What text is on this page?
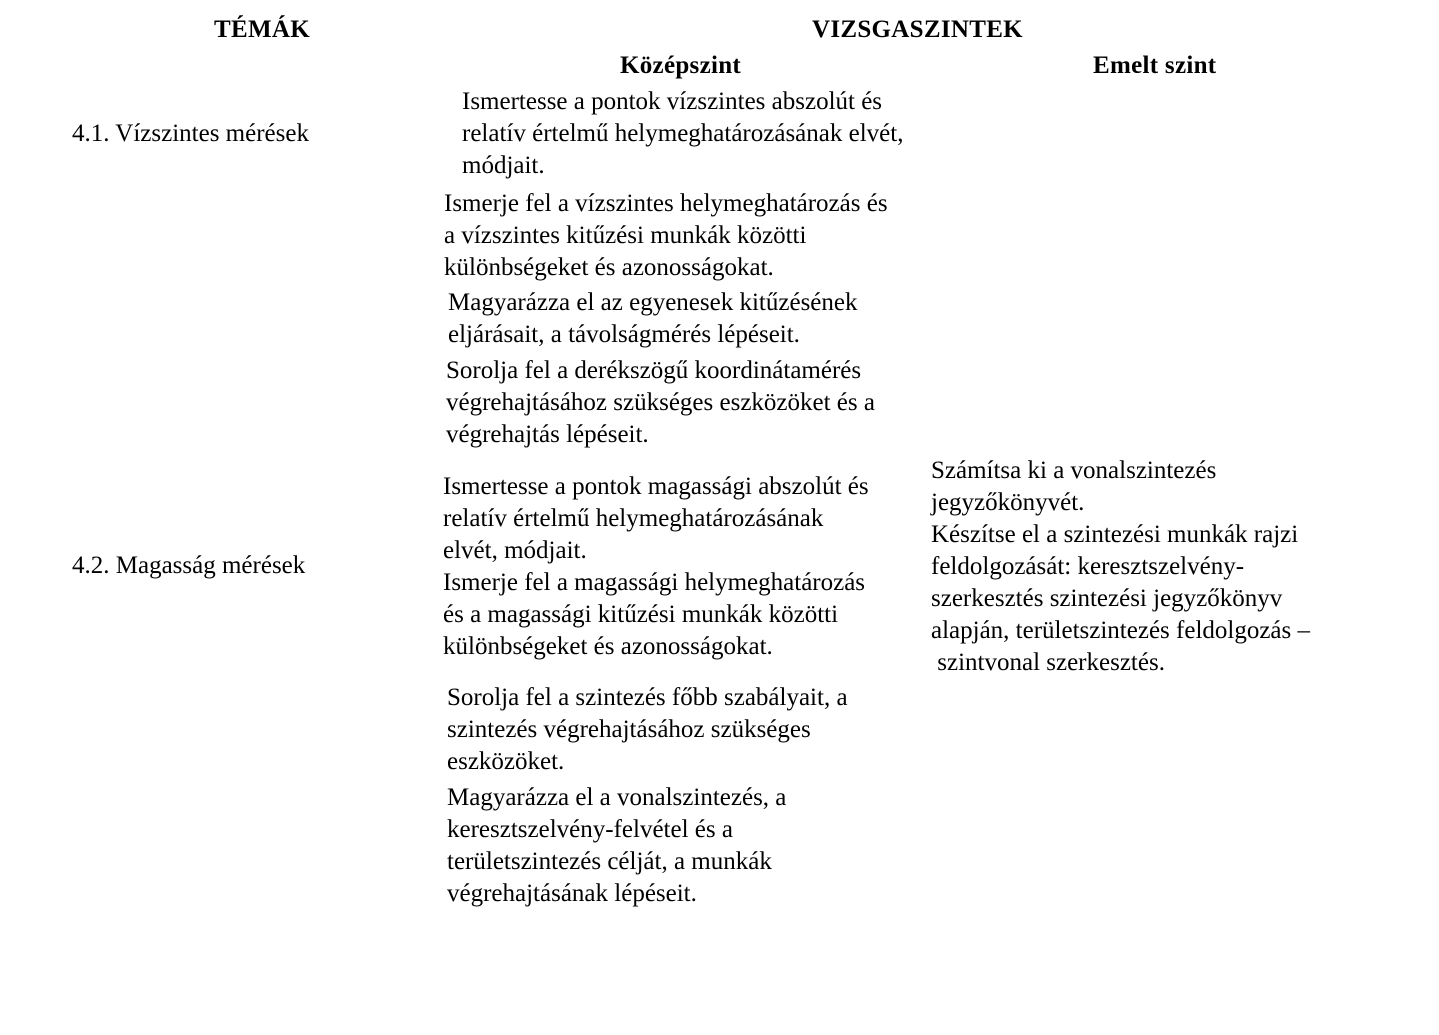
TÉMÁK	VIZSGASZINTEK
Középszint	Emelt szint
4.1. Vízszintes mérések
4.2. Magasság mérések
Ismertesse a pontok vízszintes abszolút és
relatív értelmű helymeghatározásának elvét,
módjait.
Ismerje fel a vízszintes helymeghatározás és
a vízszintes kitűzési munkák közötti
különbségeket és azonosságokat.
Magyarázza el az egyenesek kitűzésének
eljárásait, a távolságmérés lépéseit.
Sorolja fel a derékszögű koordinátamérés
végrehajtásához szükséges eszközöket és a
végrehajtás lépéseit.
Ismertesse a pontok magassági abszolút és
relatív értelmű helymeghatározásának
elvét, módjait.
Ismerje fel a magassági helymeghatározás
és a magassági kitűzési munkák közötti
különbségeket és azonosságokat.
Sorolja fel a szintezés főbb szabályait, a
szintezés végrehajtásához szükséges
eszközöket.
Magyarázza el a vonalszintezés, a
keresztszelvény-felvétel és a
területszintezés célját, a munkák
végrehajtásának lépéseit.
Számítsa ki a vonalszintezés
jegyzőkönyvét.
Készítse el a szintezési munkák rajzi
feldolgozását: keresztszelvény-
szerkesztés szintezési jegyzőkönyv
alapján, területszintezés feldolgozás –
szintvonal szerkesztés.
